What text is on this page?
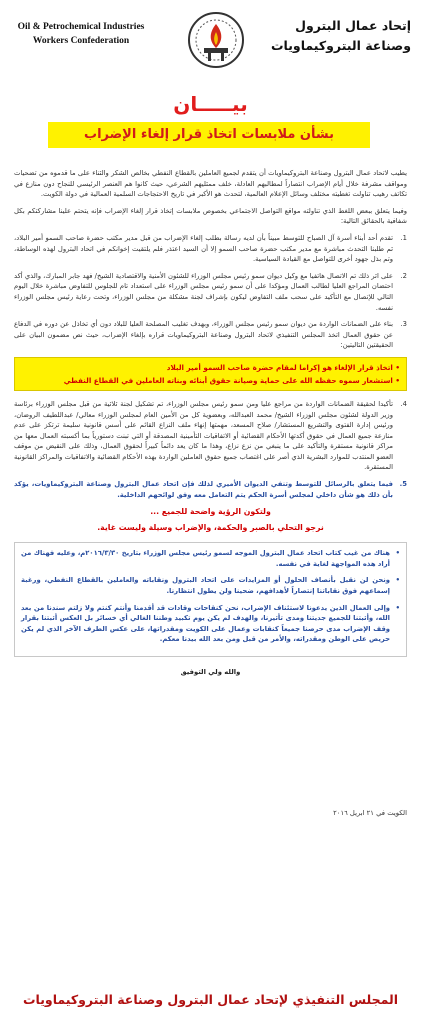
Oil & Petrochemical Industries
Workers Confederation
إتحاد عمال البترول
وصناعة البتروكيماويات
بيـــــان
بشأن ملابسات اتخاذ قرار إلغاء الإضراب

يطيب لاتحاد عمال البترول وصناعة البتروكيماويات أن يتقدم لجميع العاملين بالقطاع النفطي بخالص الشكر والثناء على ما قدموه من تضحيات ومواقف مشرفة خلال أيام الإضراب انتصاراً لمطالبهم العادلة، خلف ممثليهم الشرعي، حيث كانوا هم العنصر الرئيسي للنجاح دون منازع في تكاتف رهيب تناولت تغطيته مختلف وسائل الإعلام العالمية، لتحدث هو الأكبر في تاريخ الاحتجاجات السلمية العمالية في دولة الكويت.

وفيما يتعلق ببعض اللغط الذي تناولته مواقع التواصل الاجتماعي بخصوص ملابسات إتخاذ قرار إلغاء الإضراب فإنه يتحتم علينا مشاركتكم بكل شفافية بالحقائق التالية:

1.
تقدم أحد أبناء أسرة آل الصباح للتوسط مبيناً بأن لديه رسالة بطلب إلغاء الإضراب من قبل مدير مكتب حضرة صاحب السمو أمير البلاد، ثم طلبنا التحدث مباشرة مع مدير مكتب حضرة صاحب السمو إلا أن السيد اعتذر فلم يلتقيت إخوانكم في اتحاد البترول لهذه الوساطة، وتم بذل جهود أخرى للتواصل مع القيادة السياسية.
2.
على اثر ذلك تم الاتصال هاتفيا مع وكيل ديوان سمو رئيس مجلس الوزراء للشئون الأمنية والاقتصادية الشيخ/ فهد جابر المبارك، والذي أكد احتضان المراجع العليا لطالب العمال ومؤكدا على أن سمو رئيس مجلس الوزراء على استعداد تام للجلوس للتفاوض مباشرة خلال اليوم التالي للإتصال مع التأكيد على سحب ملف التفاوض ليكون بإشراف لجنة مشكلة من مجلس الوزراء، وتحت رعاية رئيس مجلس الوزراء نفسه.
3.
بناء على الضمانات الواردة من ديوان سمو رئيس مجلس الوزراء، وبهدف تغليب المصلحة العليا للبلاد دون أي تخاذل عن دوره في الدفاع عن حقوق العمال اتخذ المجلس التنفيذي لاتحاد البترول وصناعة البتروكيماويات قراره بإلغاء الإضراب، حيث نص مضمون البيان على الحقيقتين التاليتين:
• اتخاذ قرار الإلغاء هو إكراما لمقام حضرة صاحب السمو أمير البلاد
• استشعار سموه حفظه الله على حماية وصيانة حقوق أبنائه وبناته العاملين في القطاع النفطي
4.
تأكيدا لحقيقة الضمانات الواردة من مراجع عليا ومن سمو رئيس مجلس الوزراء، تم تشكيل لجنة ثلاثية من قبل مجلس الوزراء برئاسة وزير الدولة لشئون مجلس الوزراء الشيخ/ محمد العبدالله، وبعضوية كل من الأمين العام لمجلس الوزراء معالي/ عبداللطيف الروضان، ورئيس إدارة الفتوى والتشريع المستشار/ صلاح المسعد، مهمتها إنهاء ملف النزاع القائم على أسس قانونية سليمة ترتكز على عدم منازعة جميع العمال في حقوق أكدتها الأحكام القضائية أو الاتفاقيات التأمينية المصدقة أو التي تبنت دستورياً بما أكسبته العمال معها من مراكز قانونية مستقرة والتأكيد على ما ينبغي من نزع نزاع، وهذا ما كان يعد دائماً كبيراً لحقوق العمال، وذلك على النقيض من موقف العضو المنتدب للموارد البشرية الذي أصر على اغتصاب جميع حقوق العاملين الواردة بهذه الأحكام القضائية والاتفاقيات والمراكز القانونية المستقرة.
5.
فيما يتعلق بالرسائل للتوسط وتنفي الديوان الأميري لذلك فإن اتحاد عمال البترول وصناعة البتروكيماويات، يؤكد بأن ذلك هو شأن داخلي لمجلس أسرة الحكم يتم التعامل معه وفق لوائحهم الداخلية.
ولتكون الرؤية واضحة للجميع ...
نرجو التحلي بالصبر والحكمة، والإضراب وسيلة وليست غاية.
• هناك من غيب كتاب اتحاد عمال البترول الموجه لسمو رئيس مجلس الوزراء بتاريخ ٢٠١٦/٣/٣٠م، وعليه فهناك من أراد هذه المواجهة لغاية في نفسه.
• ونحن لن نقبل بأنصاف الحلول أو المزايدات على اتحاد البترول ونقاباته والعاملين بالقطاع النفطي، ورغبة إسماعهم فوق نقاباتنا إنتصاراً لأهدافهم، ضحينا ولن يطول انتظارنا.
• وإلى العمال الذين يدعونا لاستئناف الإضراب، نحن كنقاحات وقادات قد أقدمنا وأنتم كنتم ولا زلتم سندنا من بعد الله، وأثبتنا للجميع جديتنا ومدى تأثيرنا، والهدف لم يكن يوم تكبيد وطننا الغالي أي خسائر بل العكس أثبتنا بقرار وقف الإضراب مدى حرصنا جميعاً كنقابات وعمال على الكويت ومقدراتها، على عكس الطرف الآخر الذي لم يكن حريص على الوطن ومقدراته، والأمر من قبل ومن بعد الله بيدنا معكم.
والله ولي التوفيق
الكويت في ٢١ ابريل ٢٠١٦
المجلس التنفيذي لإتحاد عمال البترول وصناعة البتروكيماويات
